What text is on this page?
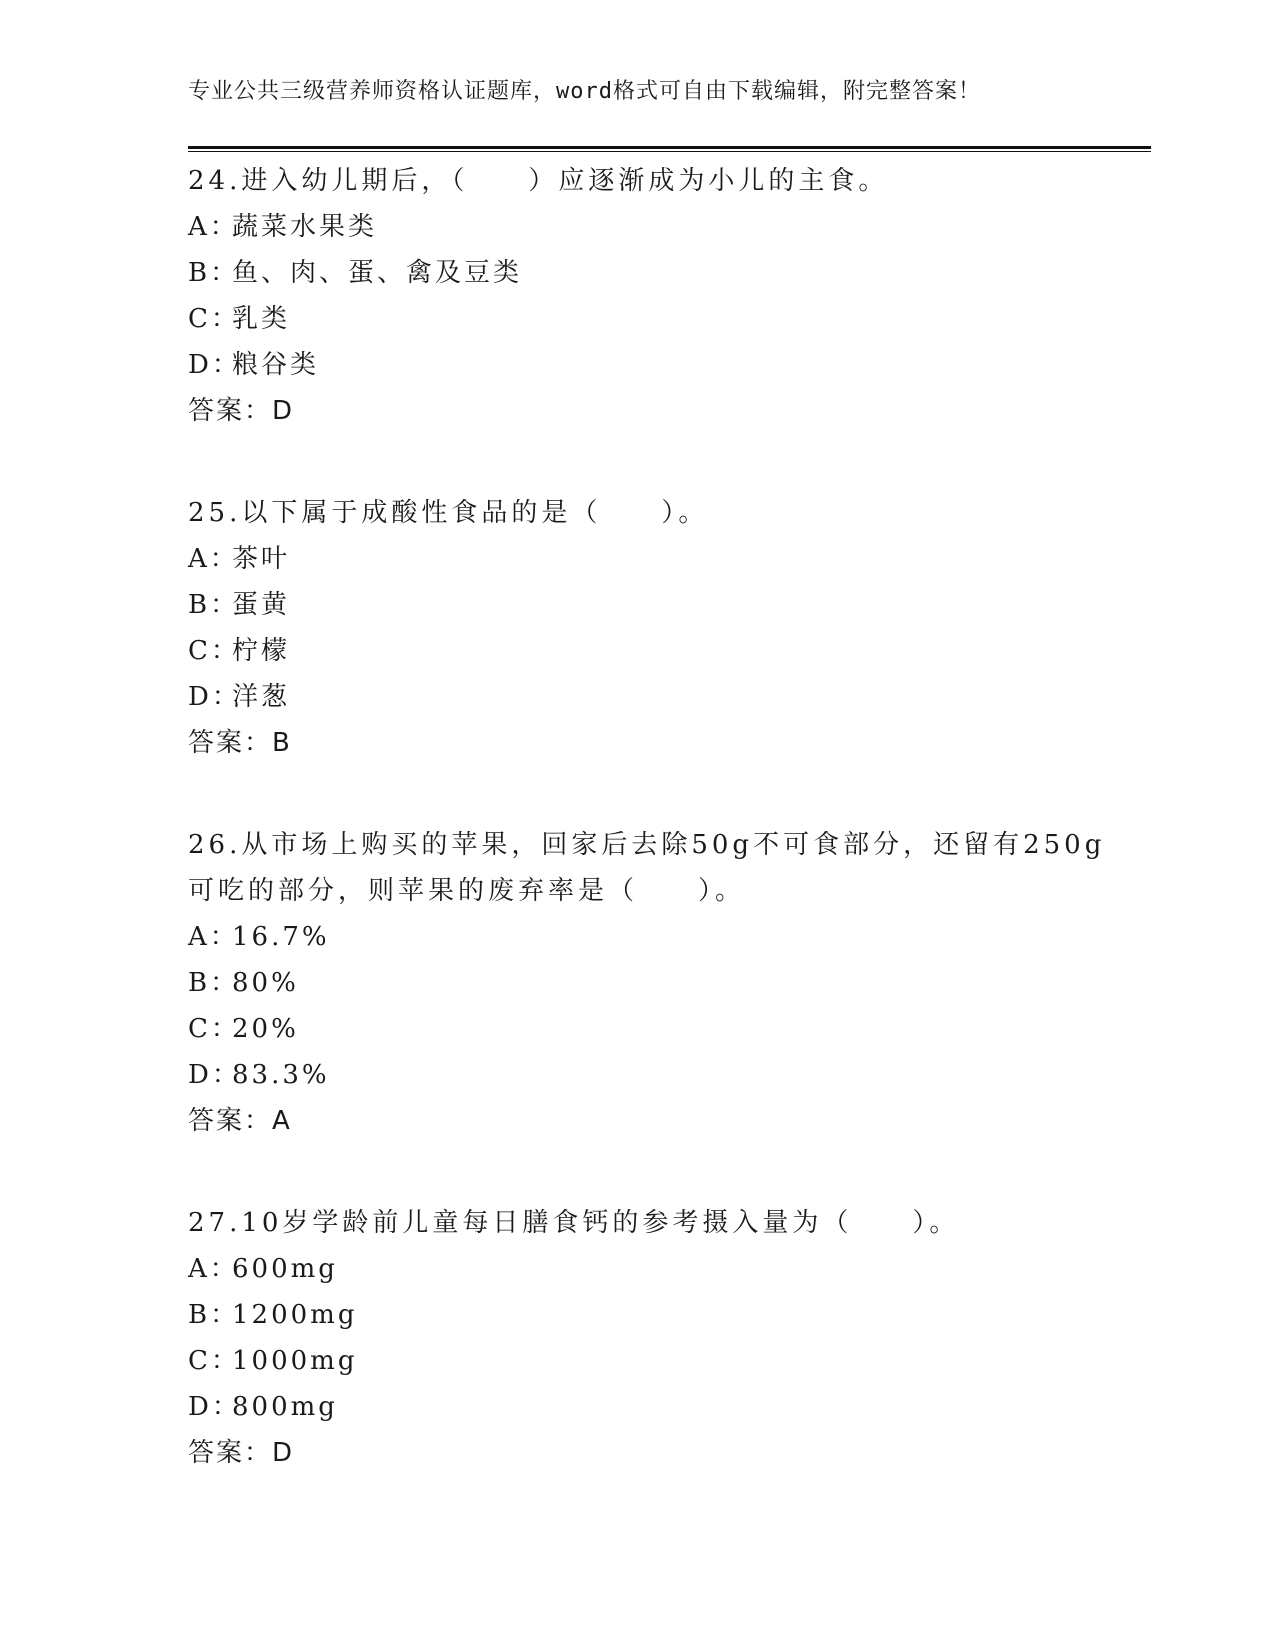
专业公共三级营养师资格认证题库，word格式可自由下载编辑，附完整答案！
24.进入幼儿期后，（　　）应逐渐成为小儿的主食。
A：蔬菜水果类
B：鱼、肉、蛋、禽及豆类
C：乳类
D：粮谷类
答案：D
25.以下属于成酸性食品的是（　　）。
A：茶叶
B：蛋黄
C：柠檬
D：洋葱
答案：B
26.从市场上购买的苹果，回家后去除50g不可食部分，还留有250g可吃的部分，则苹果的废弃率是（　　）。
A：16.7%
B：80%
C：20%
D：83.3%
答案：A
27.10岁学龄前儿童每日膳食钙的参考摄入量为（　　）。
A：600mg
B：1200mg
C：1000mg
D：800mg
答案：D
